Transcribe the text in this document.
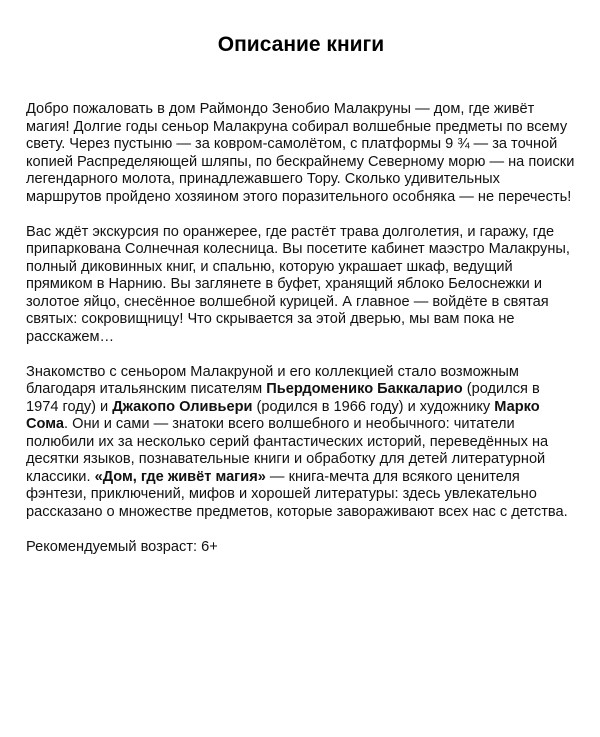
Описание книги

Добро пожаловать в дом Раймондо Зенобио Малакруны — дом, где живёт магия! Долгие годы сеньор Малакруна собирал волшебные предметы по всему свету. Через пустыню — за ковром-самолётом, с платформы 9 ¾ — за точной копией Распределяющей шляпы, по бескрайнему Северному морю — на поиски легендарного молота, принадлежавшего Тору. Сколько удивительных маршрутов пройдено хозяином этого поразительного особняка — не перечесть!

Вас ждёт экскурсия по оранжерее, где растёт трава долголетия, и гаражу, где припаркована Солнечная колесница. Вы посетите кабинет маэстро Малакруны, полный диковинных книг, и спальню, которую украшает шкаф, ведущий прямиком в Нарнию. Вы заглянете в буфет, хранящий яблоко Белоснежки и золотое яйцо, снесённое волшебной курицей. А главное — войдёте в святая святых: сокровищницу! Что скрывается за этой дверью, мы вам пока не расскажем…

Знакомство с сеньором Малакруной и его коллекцией стало возможным благодаря итальянским писателям Пьердоменико Баккаларио (родился в 1974 году) и Джакопо Оливьери (родился в 1966 году) и художнику Марко Сома. Они и сами — знатоки всего волшебного и необычного: читатели полюбили их за несколько серий фантастических историй, переведённых на десятки языков, познавательные книги и обработку для детей литературной классики. «Дом, где живёт магия» — книга-мечта для всякого ценителя фэнтези, приключений, мифов и хорошей литературы: здесь увлекательно рассказано о множестве предметов, которые завораживают всех нас с детства.

Рекомендуемый возраст: 6+
